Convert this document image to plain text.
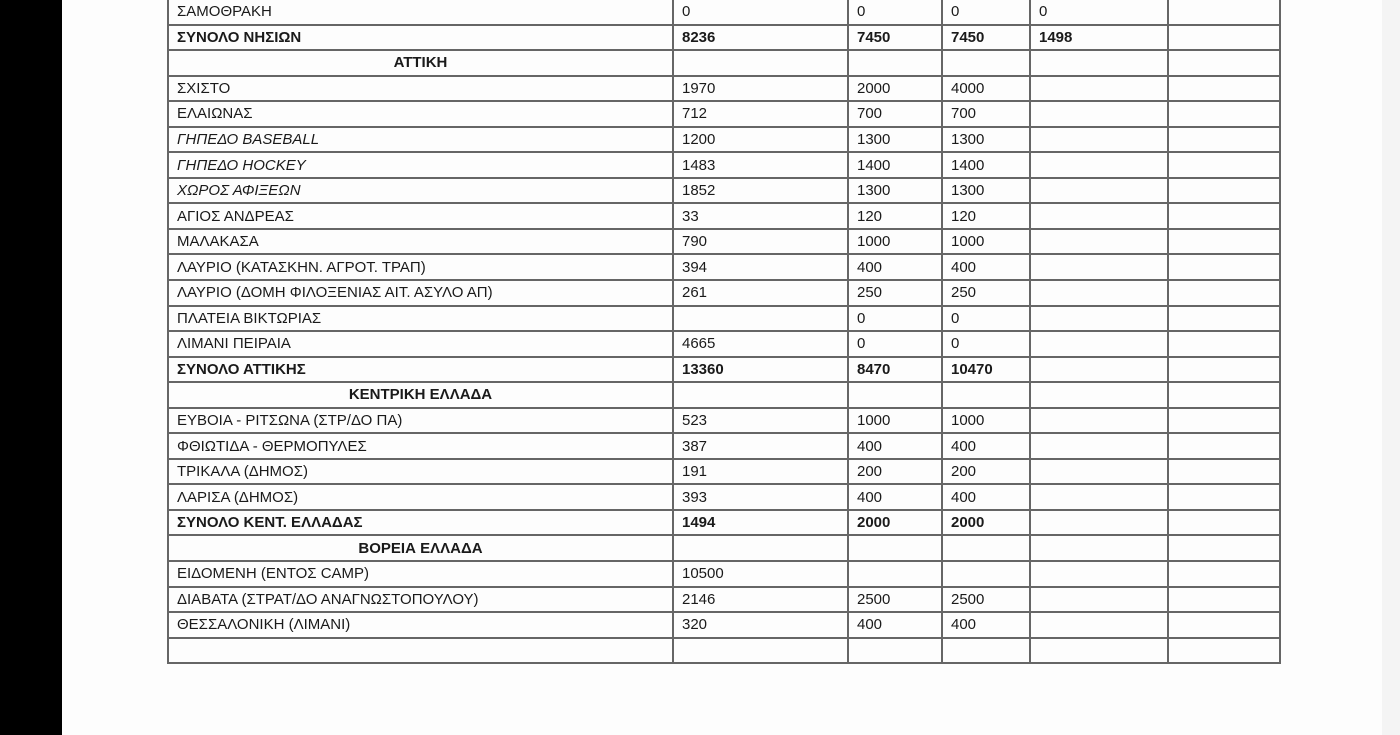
ΣΑΜΟΘΡΑΚΗ	0	0	0	0	
ΣΥΝΟΛΟ ΝΗΣΙΩΝ	8236	7450	7450	1498	
ΑΤΤΙΚΗ					
ΣΧΙΣΤΟ	1970	2000	4000		
ΕΛΑΙΩΝΑΣ	712	700	700		
ΓΗΠΕΔΟ BASEBALL	1200	1300	1300		
ΓΗΠΕΔΟ HOCKEY	1483	1400	1400		
ΧΩΡΟΣ ΑΦΙΞΕΩΝ	1852	1300	1300		
ΑΓΙΟΣ ΑΝΔΡΕΑΣ	33	120	120		
ΜΑΛΑΚΑΣΑ	790	1000	1000		
ΛΑΥΡΙΟ (ΚΑΤΑΣΚΗΝ. ΑΓΡΟΤ. ΤΡΑΠ)	394	400	400		
ΛΑΥΡΙΟ (ΔΟΜΗ ΦΙΛΟΞΕΝΙΑΣ ΑΙΤ. ΑΣΥΛΟ ΑΠ)	261	250	250		
ΠΛΑΤΕΙΑ ΒΙΚΤΩΡΙΑΣ		0	0		
ΛΙΜΑΝΙ ΠΕΙΡΑΙΑ	4665	0	0		
ΣΥΝΟΛΟ ΑΤΤΙΚΗΣ	13360	8470	10470		
ΚΕΝΤΡΙΚΗ ΕΛΛΑΔΑ					
ΕΥΒΟΙΑ - ΡΙΤΣΩΝΑ (ΣΤΡ/ΔΟ ΠΑ)	523	1000	1000		
ΦΘΙΩΤΙΔΑ - ΘΕΡΜΟΠΥΛΕΣ	387	400	400		
ΤΡΙΚΑΛΑ (ΔΗΜΟΣ)	191	200	200		
ΛΑΡΙΣΑ (ΔΗΜΟΣ)	393	400	400		
ΣΥΝΟΛΟ ΚΕΝΤ. ΕΛΛΑΔΑΣ	1494	2000	2000		
ΒΟΡΕΙΑ ΕΛΛΑΔΑ					
ΕΙΔΟΜΕΝΗ (ΕΝΤΟΣ CAMP)	10500				
ΔΙΑΒΑΤΑ (ΣΤΡΑΤ/ΔΟ ΑΝΑΓΝΩΣΤΟΠΟΥΛΟΥ)	2146	2500	2500		
ΘΕΣΣΑΛΟΝΙΚΗ (ΛΙΜΑΝΙ)	320	400	400		
